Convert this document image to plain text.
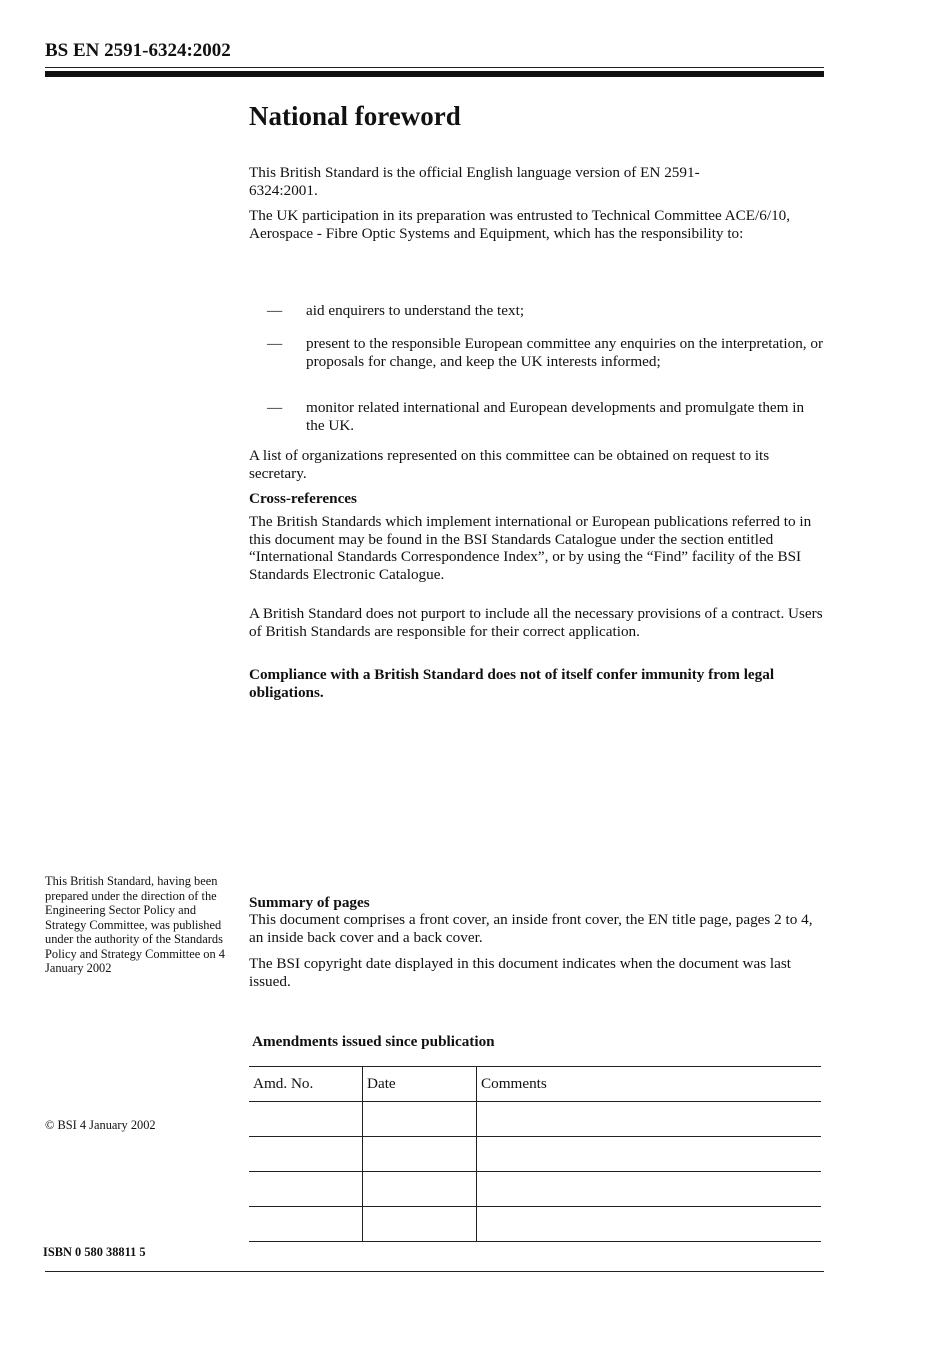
BS EN 2591-6324:2002
National foreword

This British Standard is the official English language version of EN 2591-6324:2001.

The UK participation in its preparation was entrusted to Technical Committee ACE/6/10, Aerospace - Fibre Optic Systems and Equipment, which has the responsibility to:

— aid enquirers to understand the text;
— present to the responsible European committee any enquiries on the interpretation, or proposals for change, and keep the UK interests informed;
— monitor related international and European developments and promulgate them in the UK.

A list of organizations represented on this committee can be obtained on request to its secretary.

Cross-references

The British Standards which implement international or European publications referred to in this document may be found in the BSI Standards Catalogue under the section entitled “International Standards Correspondence Index”, or by using the “Find” facility of the BSI Standards Electronic Catalogue.

A British Standard does not purport to include all the necessary provisions of a contract. Users of British Standards are responsible for their correct application.

Compliance with a British Standard does not of itself confer immunity from legal obligations.
This British Standard, having been prepared under the direction of the Engineering Sector Policy and Strategy Committee, was published under the authority of the Standards Policy and Strategy Committee on 4 January 2002
Summary of pages
This document comprises a front cover, an inside front cover, the EN title page, pages 2 to 4, an inside back cover and a back cover.
The BSI copyright date displayed in this document indicates when the document was last issued.
Amendments issued since publication
Amd. No.	Date	Comments

© BSI 4 January 2002
ISBN 0 580 38811 5
